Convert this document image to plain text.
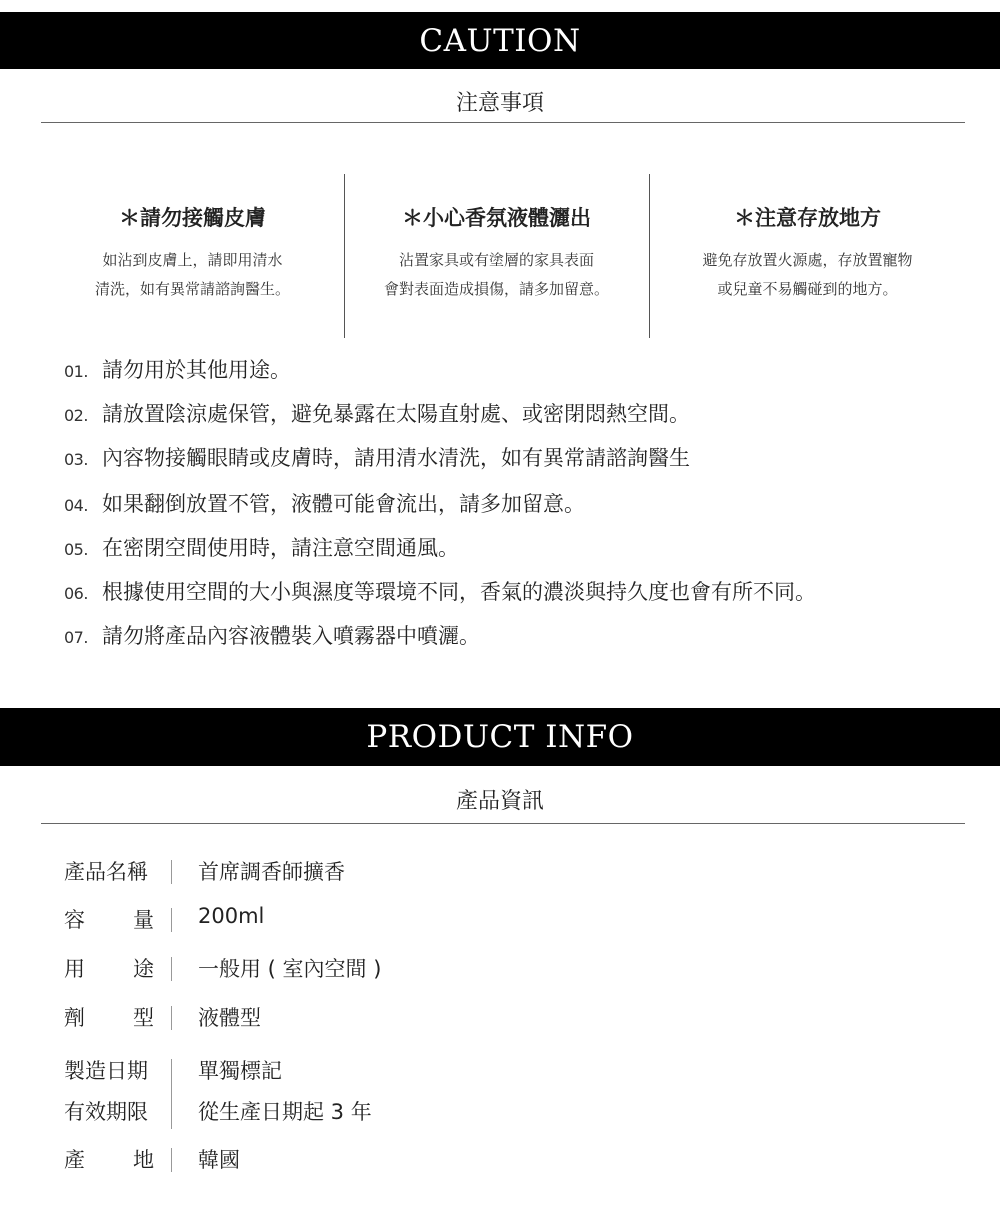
CAUTION
注意事項
＊請勿接觸皮膚
如沾到皮膚上，請即用清水
清洗，如有異常請諮詢醫生。
＊小心香氛液體灑出
沾置家具或有塗層的家具表面
會對表面造成損傷，請多加留意。
＊注意存放地方
避免存放置火源處，存放置寵物
或兒童不易觸碰到的地方。
01. 請勿用於其他用途。
02. 請放置陰涼處保管，避免暴露在太陽直射處、或密閉悶熱空間。
03. 內容物接觸眼睛或皮膚時，請用清水清洗，如有異常請諮詢醫生
04. 如果翻倒放置不管，液體可能會流出，請多加留意。
05. 在密閉空間使用時，請注意空間通風。
06. 根據使用空間的大小與濕度等環境不同，香氣的濃淡與持久度也會有所不同。
07. 請勿將產品內容液體裝入噴霧器中噴灑。
PRODUCT INFO
產品資訊
產品名稱 首席調香師擴香
容 量 200ml
用 途 一般用 ( 室內空間 )
劑 型 液體型
製造日期 單獨標記
有效期限 從生產日期起 3 年
產 地 韓國
